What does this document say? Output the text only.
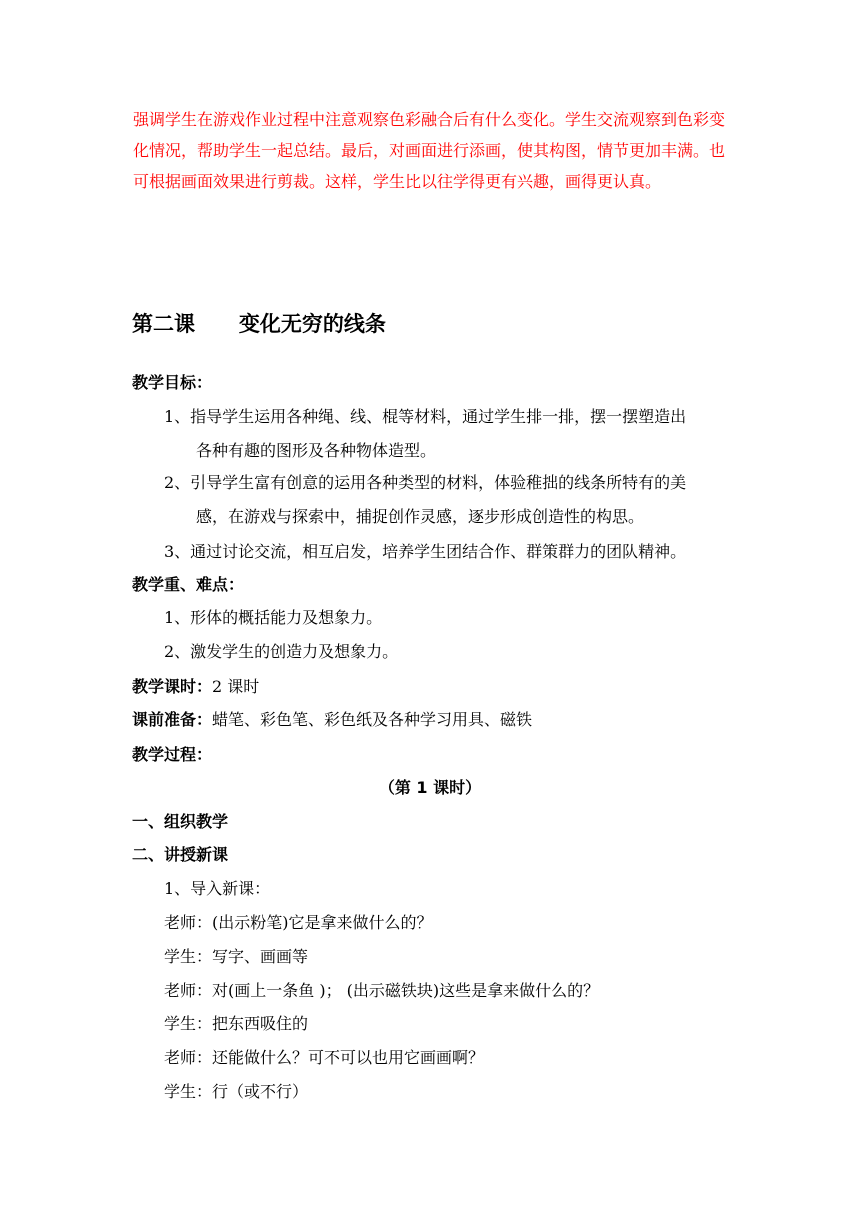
强调学生在游戏作业过程中注意观察色彩融合后有什么变化。学生交流观察到色彩变化情况，帮助学生一起总结。最后，对画面进行添画，使其构图，情节更加丰满。也可根据画面效果进行剪裁。这样，学生比以往学得更有兴趣，画得更认真。

第二课      变化无穷的线条

教学目标：

1、指导学生运用各种绳、线、棍等材料，通过学生排一排，摆一摆塑造出
各种有趣的图形及各种物体造型。

2、引导学生富有创意的运用各种类型的材料，体验稚拙的线条所特有的美
感，在游戏与探索中，捕捉创作灵感，逐步形成创造性的构思。

3、通过讨论交流，相互启发，培养学生团结合作、群策群力的团队精神。

教学重、难点：

1、形体的概括能力及想象力。

2、激发学生的创造力及想象力。

教学课时：2 课时

课前准备：蜡笔、彩色笔、彩色纸及各种学习用具、磁铁

教学过程：

（第 1 课时）

一、组织教学

二、讲授新课

1、导入新课：

老师：(出示粉笔)它是拿来做什么的？

学生：写字、画画等

老师：对(画上一条鱼 )； (出示磁铁块)这些是拿来做什么的？

学生：把东西吸住的

老师：还能做什么？可不可以也用它画画啊？

学生：行（或不行）
